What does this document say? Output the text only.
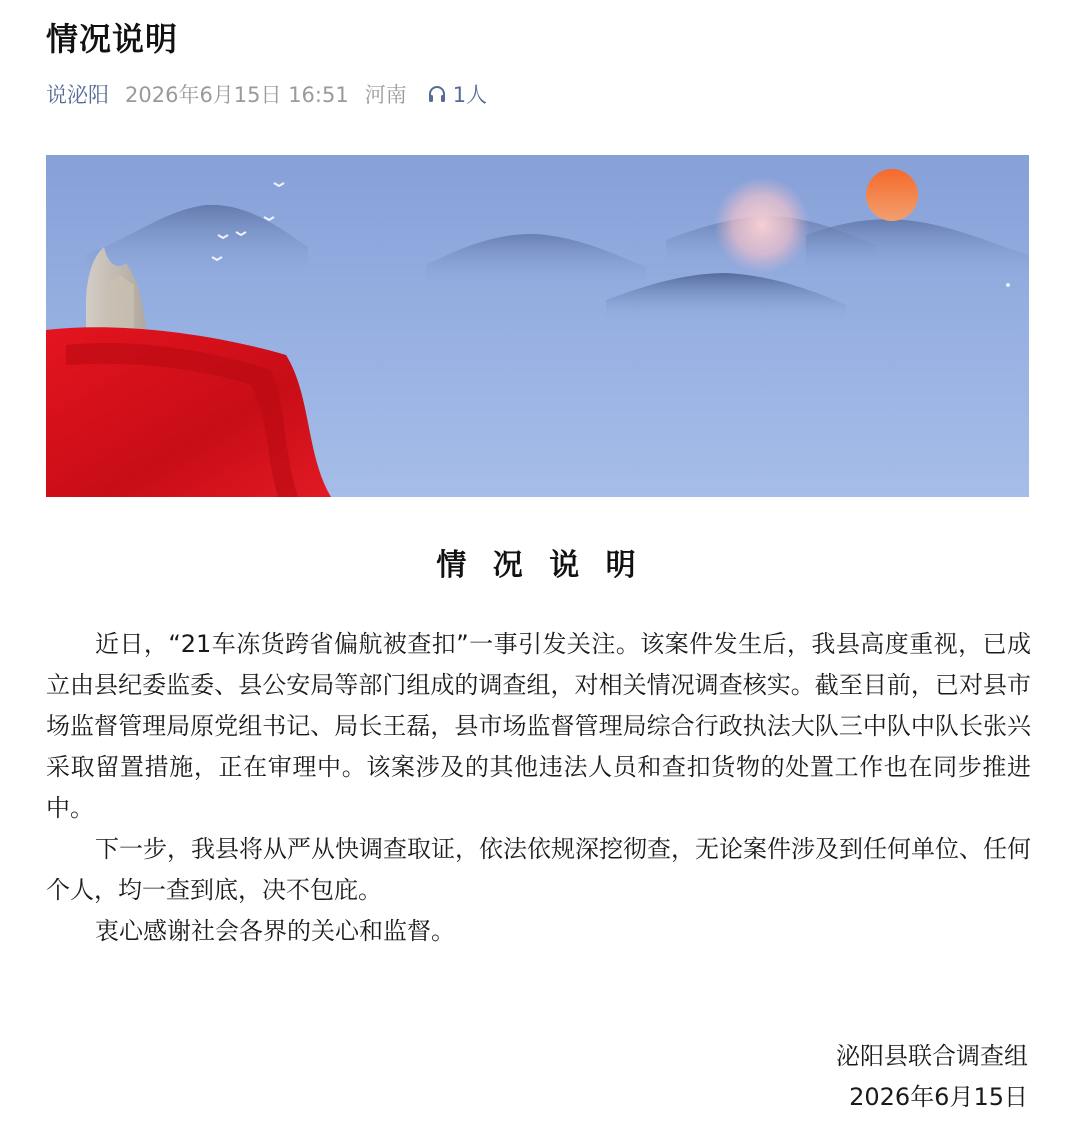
情况说明
说泌阳 2026年6月15日 16:51 河南 1人
情 况 说 明

近日，“21车冻货跨省偏航被查扣”一事引发关注。该案件发生后，我县高度重视，已成立由县纪委监委、县公安局等部门组成的调查组，对相关情况调查核实。截至目前，已对县市场监督管理局原党组书记、局长王磊，县市场监督管理局综合行政执法大队三中队中队长张兴采取留置措施，正在审理中。该案涉及的其他违法人员和查扣货物的处置工作也在同步推进中。

下一步，我县将从严从快调查取证，依法依规深挖彻查，无论案件涉及到任何单位、任何个人，均一查到底，决不包庇。

衷心感谢社会各界的关心和监督。

泌阳县联合调查组
2026年6月15日
